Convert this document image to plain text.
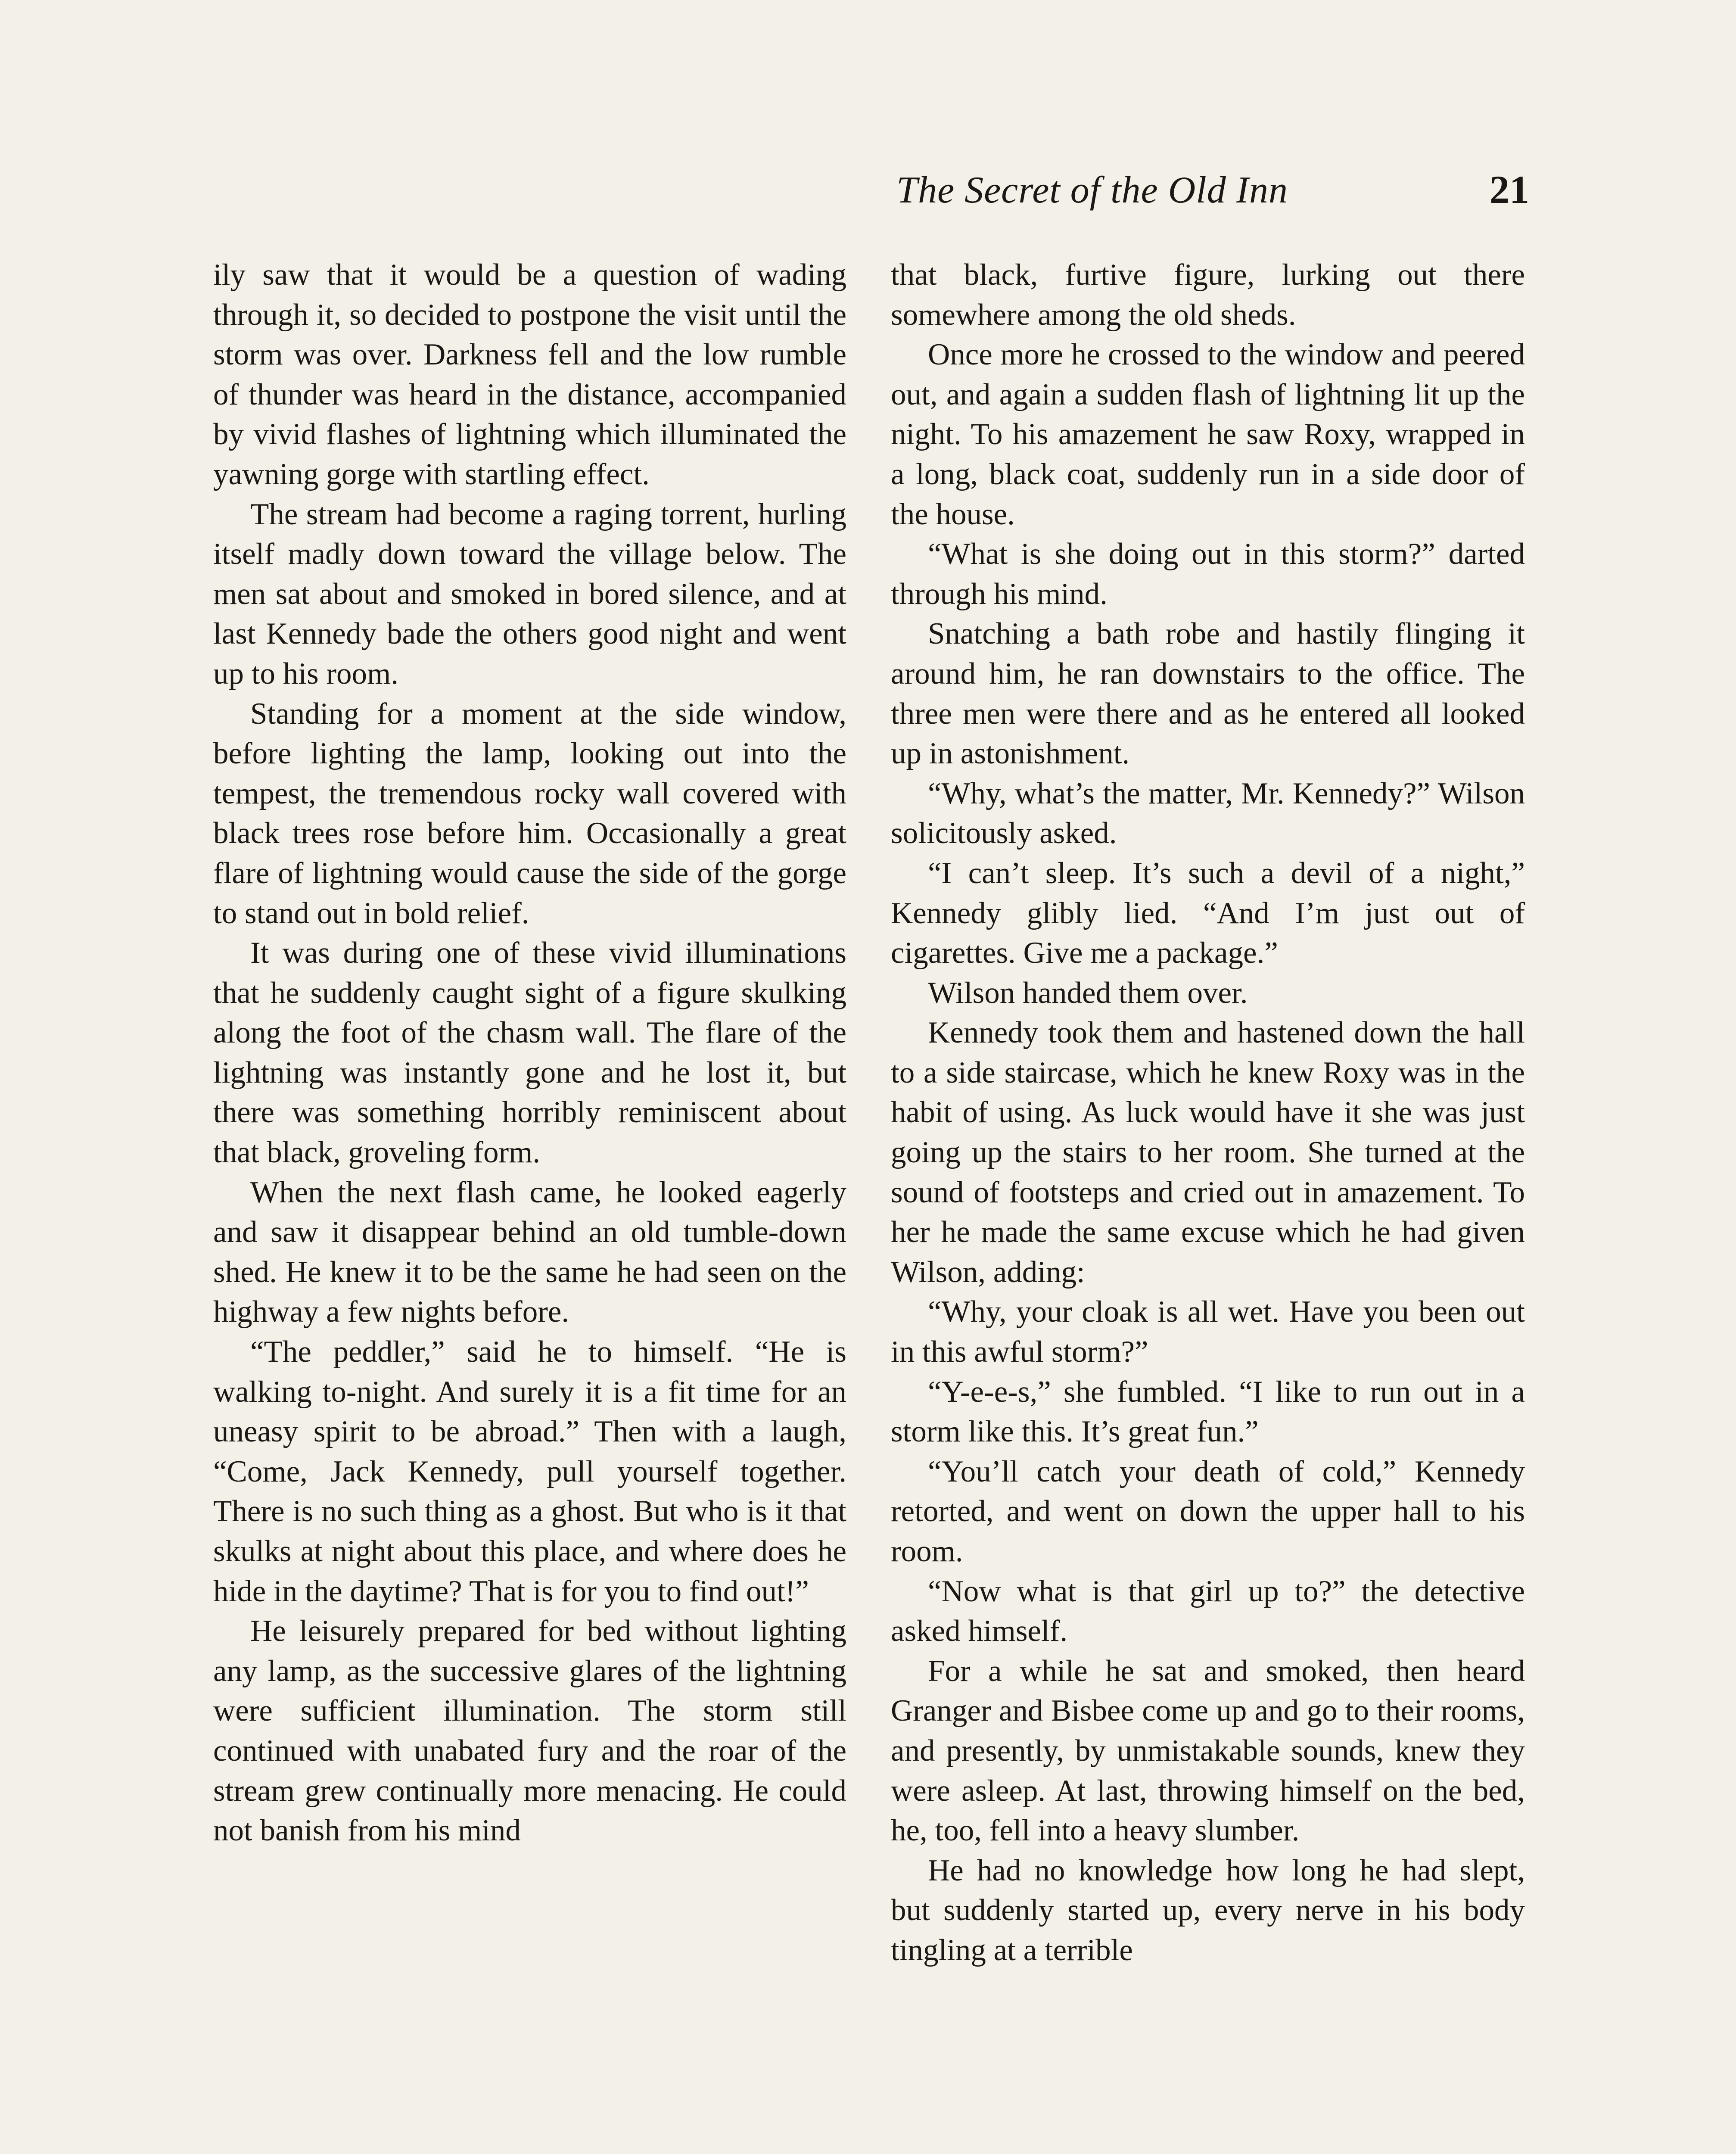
The Secret of the Old Inn	21

ily saw that it would be a question of wading through it, so decided to postpone the visit until the storm was over. Darkness fell and the low rumble of thunder was heard in the distance, accompanied by vivid flashes of lightning which illuminated the yawning gorge with startling effect.

The stream had become a raging torrent, hurling itself madly down toward the village below. The men sat about and smoked in bored silence, and at last Kennedy bade the others good night and went up to his room.

Standing for a moment at the side window, before lighting the lamp, looking out into the tempest, the tremendous rocky wall covered with black trees rose before him. Occasionally a great flare of lightning would cause the side of the gorge to stand out in bold relief.

It was during one of these vivid illuminations that he suddenly caught sight of a figure skulking along the foot of the chasm wall. The flare of the lightning was instantly gone and he lost it, but there was something horribly reminiscent about that black, groveling form.

When the next flash came, he looked eagerly and saw it disappear behind an old tumble-down shed. He knew it to be the same he had seen on the highway a few nights before.

“The peddler,” said he to himself. “He is walking to-night. And surely it is a fit time for an uneasy spirit to be abroad.” Then with a laugh, “Come, Jack Kennedy, pull yourself together. There is no such thing as a ghost. But who is it that skulks at night about this place, and where does he hide in the daytime? That is for you to find out!”

He leisurely prepared for bed without lighting any lamp, as the successive glares of the lightning were sufficient illumination. The storm still continued with unabated fury and the roar of the stream grew continually more menacing. He could not banish from his mind

that black, furtive figure, lurking out there somewhere among the old sheds.

Once more he crossed to the window and peered out, and again a sudden flash of lightning lit up the night. To his amazement he saw Roxy, wrapped in a long, black coat, suddenly run in a side door of the house.

“What is she doing out in this storm?” darted through his mind.

Snatching a bath robe and hastily flinging it around him, he ran downstairs to the office. The three men were there and as he entered all looked up in astonishment.

“Why, what’s the matter, Mr. Kennedy?” Wilson solicitously asked.

“I can’t sleep. It’s such a devil of a night,” Kennedy glibly lied. “And I’m just out of cigarettes. Give me a package.”

Wilson handed them over.

Kennedy took them and hastened down the hall to a side staircase, which he knew Roxy was in the habit of using. As luck would have it she was just going up the stairs to her room. She turned at the sound of footsteps and cried out in amazement. To her he made the same excuse which he had given Wilson, adding:

“Why, your cloak is all wet. Have you been out in this awful storm?”

“Y-e-e-s,” she fumbled. “I like to run out in a storm like this. It’s great fun.”

“You’ll catch your death of cold,” Kennedy retorted, and went on down the upper hall to his room.

“Now what is that girl up to?” the detective asked himself.

For a while he sat and smoked, then heard Granger and Bisbee come up and go to their rooms, and presently, by unmistakable sounds, knew they were asleep. At last, throwing himself on the bed, he, too, fell into a heavy slumber.

He had no knowledge how long he had slept, but suddenly started up, every nerve in his body tingling at a terrible
